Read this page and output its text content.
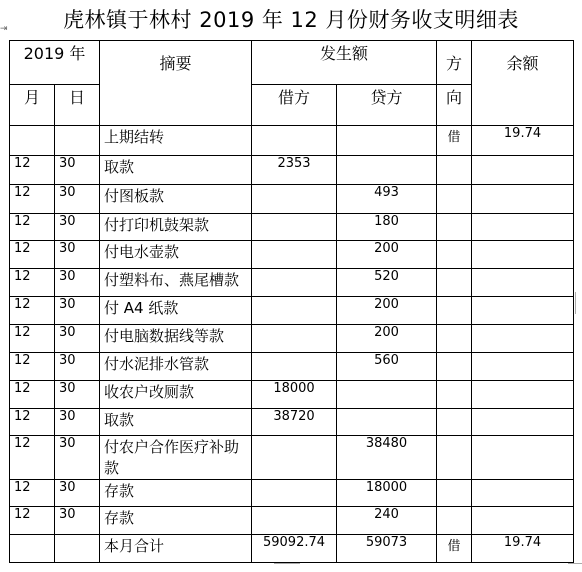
虎林镇于林村 2019 年 12 月份财务收支明细表
⇥
2019 年		摘要	发生额		方	余额
月	日		借方	贷方	向	
		上期结转			借	19.74
12	30	取款	2353			
12	30	付图板款		493		
12	30	付打印机鼓架款		180		
12	30	付电水壶款		200		
12	30	付塑料布、燕尾槽款		520		
12	30	付 A4 纸款		200		
12	30	付电脑数据线等款		200		
12	30	付水泥排水管款		560		
12	30	收农户改厕款	18000			
12	30	取款	38720			
12	30	付农户合作医疗补助款		38480		
12	30	存款		18000		
12	30	存款		240		
		本月合计	59092.74	59073	借	19.74
